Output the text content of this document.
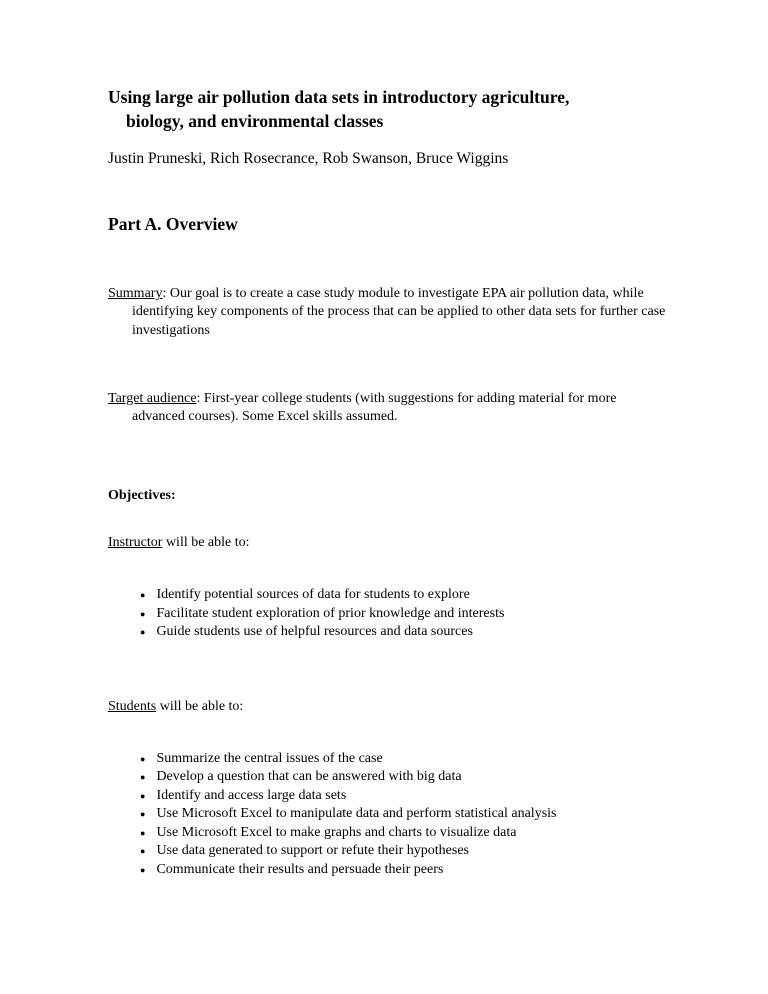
Using large air pollution data sets in introductory agriculture,
biology, and environmental classes
Justin Pruneski, Rich Rosecrance, Rob Swanson, Bruce Wiggins
Part A. Overview

Summary: Our goal is to create a case study module to investigate EPA air pollution data, while identifying key components of the process that can be applied to other data sets for further case investigations

Target audience: First-year college students (with suggestions for adding material for more advanced courses). Some Excel skills assumed.

Objectives:

Instructor will be able to:

● Identify potential sources of data for students to explore
● Facilitate student exploration of prior knowledge and interests
● Guide students use of helpful resources and data sources

Students will be able to:

● Summarize the central issues of the case
● Develop a question that can be answered with big data
● Identify and access large data sets
● Use Microsoft Excel to manipulate data and perform statistical analysis
● Use Microsoft Excel to make graphs and charts to visualize data
● Use data generated to support or refute their hypotheses
● Communicate their results and persuade their peers
